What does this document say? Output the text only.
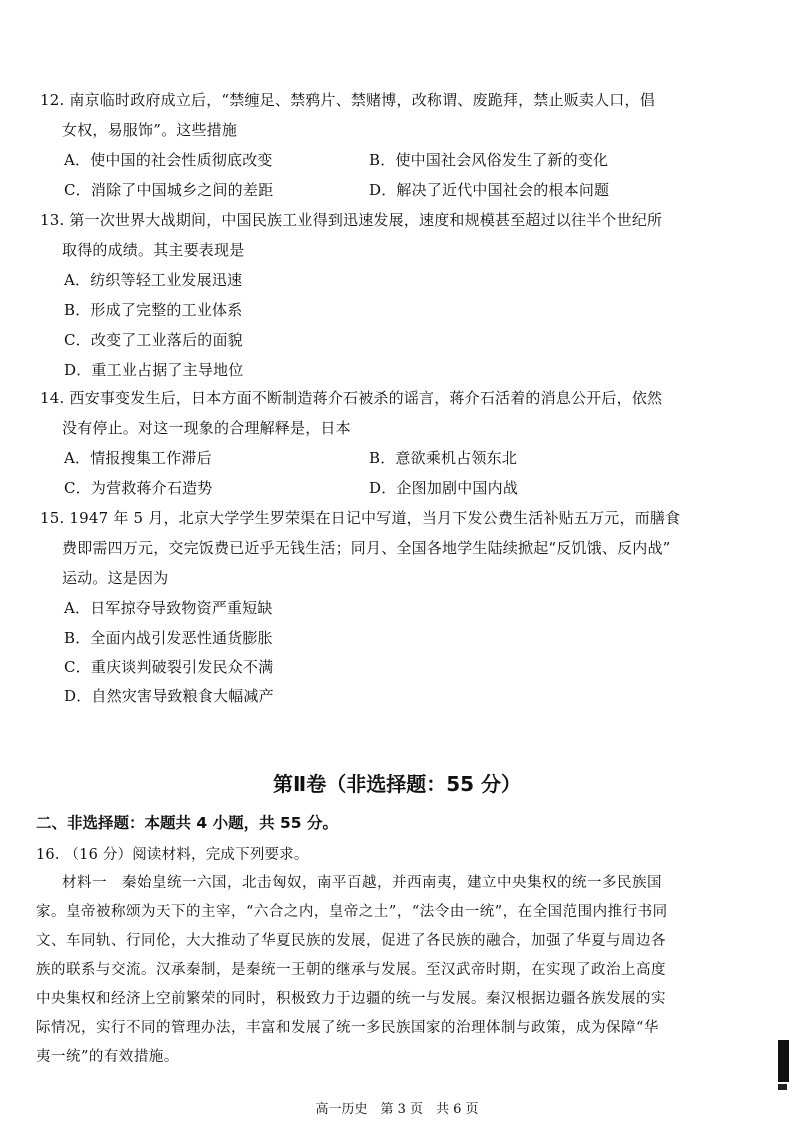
12. 南京临时政府成立后，“禁缠足、禁鸦片、禁赌博，改称谓、废跪拜，禁止贩卖人口，倡
女权，易服饰”。这些措施
A．使中国的社会性质彻底改变	B．使中国社会风俗发生了新的变化
C．消除了中国城乡之间的差距	D．解决了近代中国社会的根本问题
13. 第一次世界大战期间，中国民族工业得到迅速发展，速度和规模甚至超过以往半个世纪所
取得的成绩。其主要表现是
A．纺织等轻工业发展迅速
B．形成了完整的工业体系
C．改变了工业落后的面貌
D．重工业占据了主导地位
14. 西安事变发生后，日本方面不断制造蒋介石被杀的谣言，蒋介石活着的消息公开后，依然
没有停止。对这一现象的合理解释是，日本
A．情报搜集工作滞后	B．意欲乘机占领东北
C．为营救蒋介石造势	D．企图加剧中国内战
15. 1947 年 5 月，北京大学学生罗荣渠在日记中写道，当月下发公费生活补贴五万元，而膳食
费即需四万元，交完饭费已近乎无钱生活；同月、全国各地学生陆续掀起“反饥饿、反内战”
运动。这是因为
A．日军掠夺导致物资严重短缺
B．全面内战引发恶性通货膨胀
C．重庆谈判破裂引发民众不满
D．自然灾害导致粮食大幅减产
第Ⅱ卷（非选择题：55 分）
二、非选择题：本题共 4 小题，共 55 分。
16. （16 分）阅读材料，完成下列要求。
材料一　秦始皇统一六国，北击匈奴，南平百越，并西南夷，建立中央集权的统一多民族国
家。皇帝被称颂为天下的主宰，“六合之内，皇帝之土”，“法令由一统”，在全国范围内推行书同
文、车同轨、行同伦，大大推动了华夏民族的发展，促进了各民族的融合，加强了华夏与周边各
族的联系与交流。汉承秦制，是秦统一王朝的继承与发展。至汉武帝时期，在实现了政治上高度
中央集权和经济上空前繁荣的同时，积极致力于边疆的统一与发展。秦汉根据边疆各族发展的实
际情况，实行不同的管理办法，丰富和发展了统一多民族国家的治理体制与政策，成为保障“华
夷一统”的有效措施。
高一历史　第 3 页　共 6 页
